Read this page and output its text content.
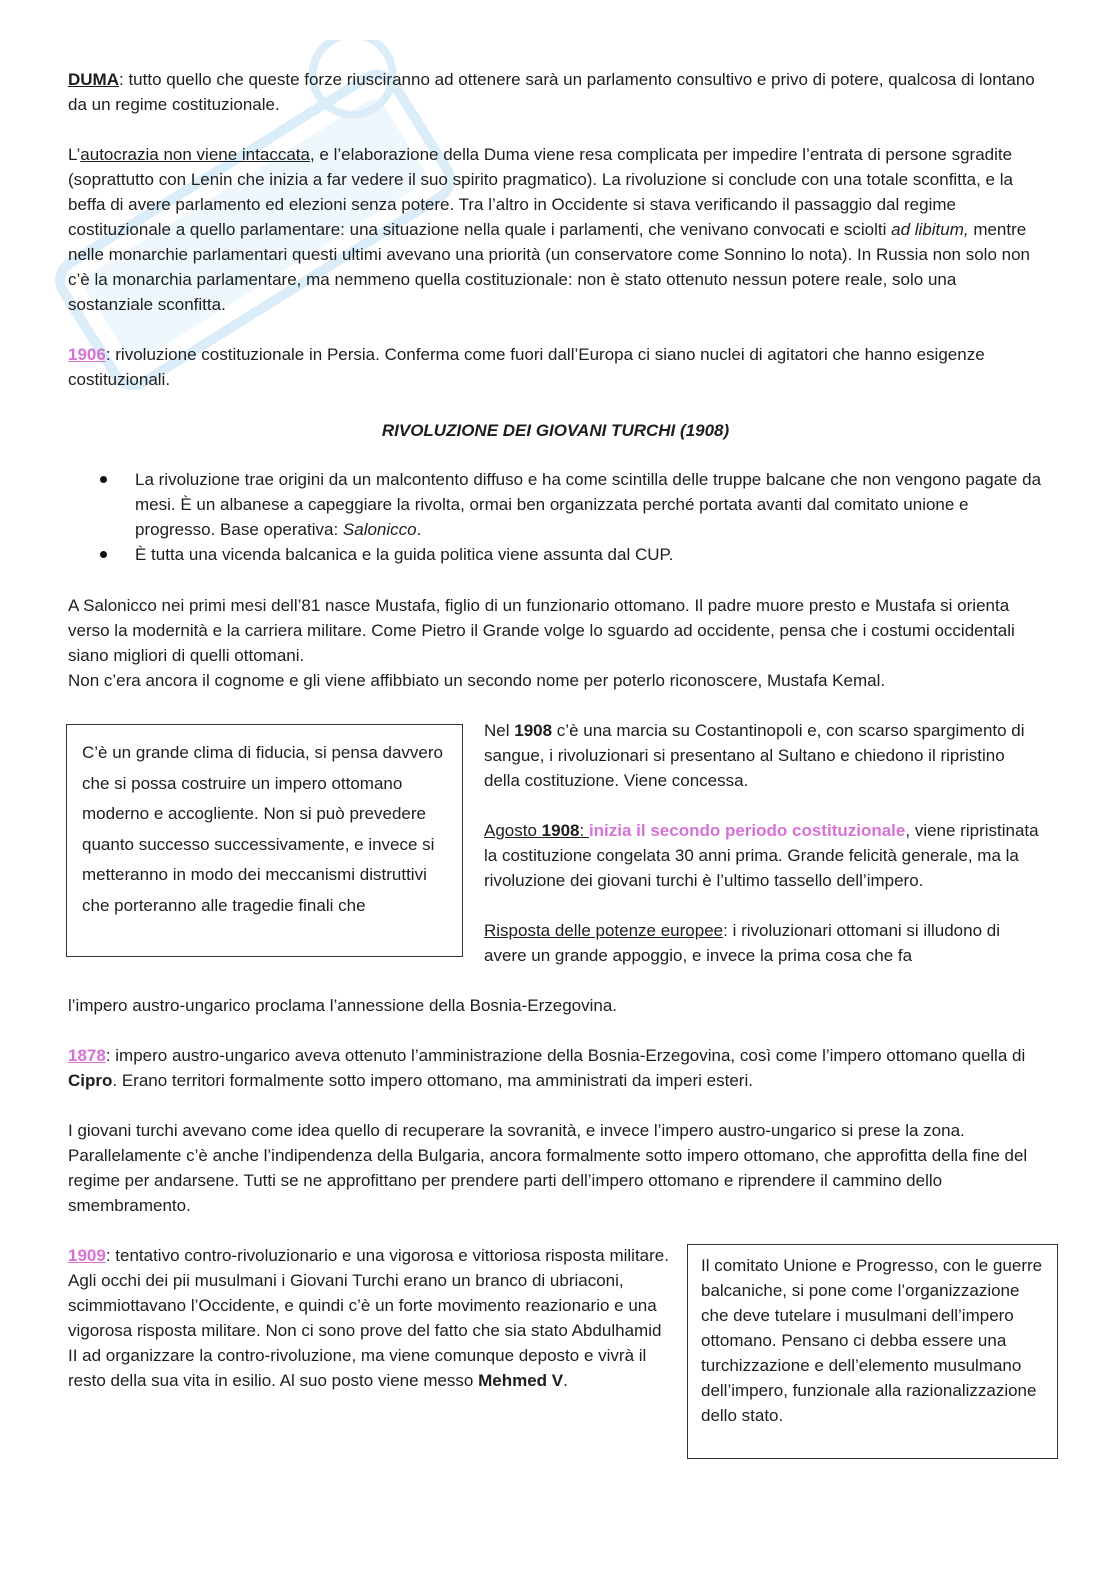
DUMA: tutto quello che queste forze riusciranno ad ottenere sarà un parlamento consultivo e privo di potere, qualcosa di lontano da un regime costituzionale.

L’autocrazia non viene intaccata, e l’elaborazione della Duma viene resa complicata per impedire l’entrata di persone sgradite (soprattutto con Lenin che inizia a far vedere il suo spirito pragmatico). La rivoluzione si conclude con una totale sconfitta, e la beffa di avere parlamento ed elezioni senza potere. Tra l’altro in Occidente si stava verificando il passaggio dal regime costituzionale a quello parlamentare: una situazione nella quale i parlamenti, che venivano convocati e sciolti ad libitum, mentre nelle monarchie parlamentari questi ultimi avevano una priorità (un conservatore come Sonnino lo nota). In Russia non solo non c’è la monarchia parlamentare, ma nemmeno quella costituzionale: non è stato ottenuto nessun potere reale, solo una sostanziale sconfitta.

1906: rivoluzione costituzionale in Persia. Conferma come fuori dall’Europa ci siano nuclei di agitatori che hanno esigenze costituzionali.

RIVOLUZIONE DEI GIOVANI TURCHI (1908)

La rivoluzione trae origini da un malcontento diffuso e ha come scintilla delle truppe balcane che non vengono pagate da mesi. È un albanese a capeggiare la rivolta, ormai ben organizzata perché portata avanti dal comitato unione e progresso. Base operativa: Salonicco.
È tutta una vicenda balcanica e la guida politica viene assunta dal CUP.

A Salonicco nei primi mesi dell’81 nasce Mustafa, figlio di un funzionario ottomano. Il padre muore presto e Mustafa si orienta verso la modernità e la carriera militare. Come Pietro il Grande volge lo sguardo ad occidente, pensa che i costumi occidentali siano migliori di quelli ottomani.

Non c’era ancora il cognome e gli viene affibbiato un secondo nome per poterlo riconoscere, Mustafa Kemal.

C’è un grande clima di fiducia, si pensa davvero che si possa costruire un impero ottomano moderno e accogliente. Non si può prevedere quanto successo successivamente, e invece si metteranno in modo dei meccanismi distruttivi che porteranno alle tragedie finali che

Nel 1908 c’è una marcia su Costantinopoli e, con scarso spargimento di sangue, i rivoluzionari si presentano al Sultano e chiedono il ripristino della costituzione. Viene concessa.

Agosto 1908: inizia il secondo periodo costituzionale, viene ripristinata la costituzione congelata 30 anni prima. Grande felicità generale, ma la rivoluzione dei giovani turchi è l’ultimo tassello dell’impero.

Risposta delle potenze europee: i rivoluzionari ottomani si illudono di avere un grande appoggio, e invece la prima cosa che fa

l’impero austro-ungarico proclama l’annessione della Bosnia-Erzegovina.

1878: impero austro-ungarico aveva ottenuto l’amministrazione della Bosnia-Erzegovina, così come l’impero ottomano quella di Cipro. Erano territori formalmente sotto impero ottomano, ma amministrati da imperi esteri.

I giovani turchi avevano come idea quello di recuperare la sovranità, e invece l’impero austro-ungarico si prese la zona. Parallelamente c’è anche l’indipendenza della Bulgaria, ancora formalmente sotto impero ottomano, che approfitta della fine del regime per andarsene. Tutti se ne approfittano per prendere parti dell’impero ottomano e riprendere il cammino dello smembramento.

1909: tentativo contro-rivoluzionario e una vigorosa e vittoriosa risposta militare. Agli occhi dei pii musulmani i Giovani Turchi erano un branco di ubriaconi, scimmiottavano l’Occidente, e quindi c’è un forte movimento reazionario e una vigorosa risposta militare. Non ci sono prove del fatto che sia stato Abdulhamid II ad organizzare la contro-rivoluzione, ma viene comunque deposto e vivrà il resto della sua vita in esilio. Al suo posto viene messo Mehmed V.

Il comitato Unione e Progresso, con le guerre balcaniche, si pone come l’organizzazione che deve tutelare i musulmani dell’impero ottomano. Pensano ci debba essere una turchizzazione e dell’elemento musulmano dell’impero, funzionale alla razionalizzazione dello stato.
